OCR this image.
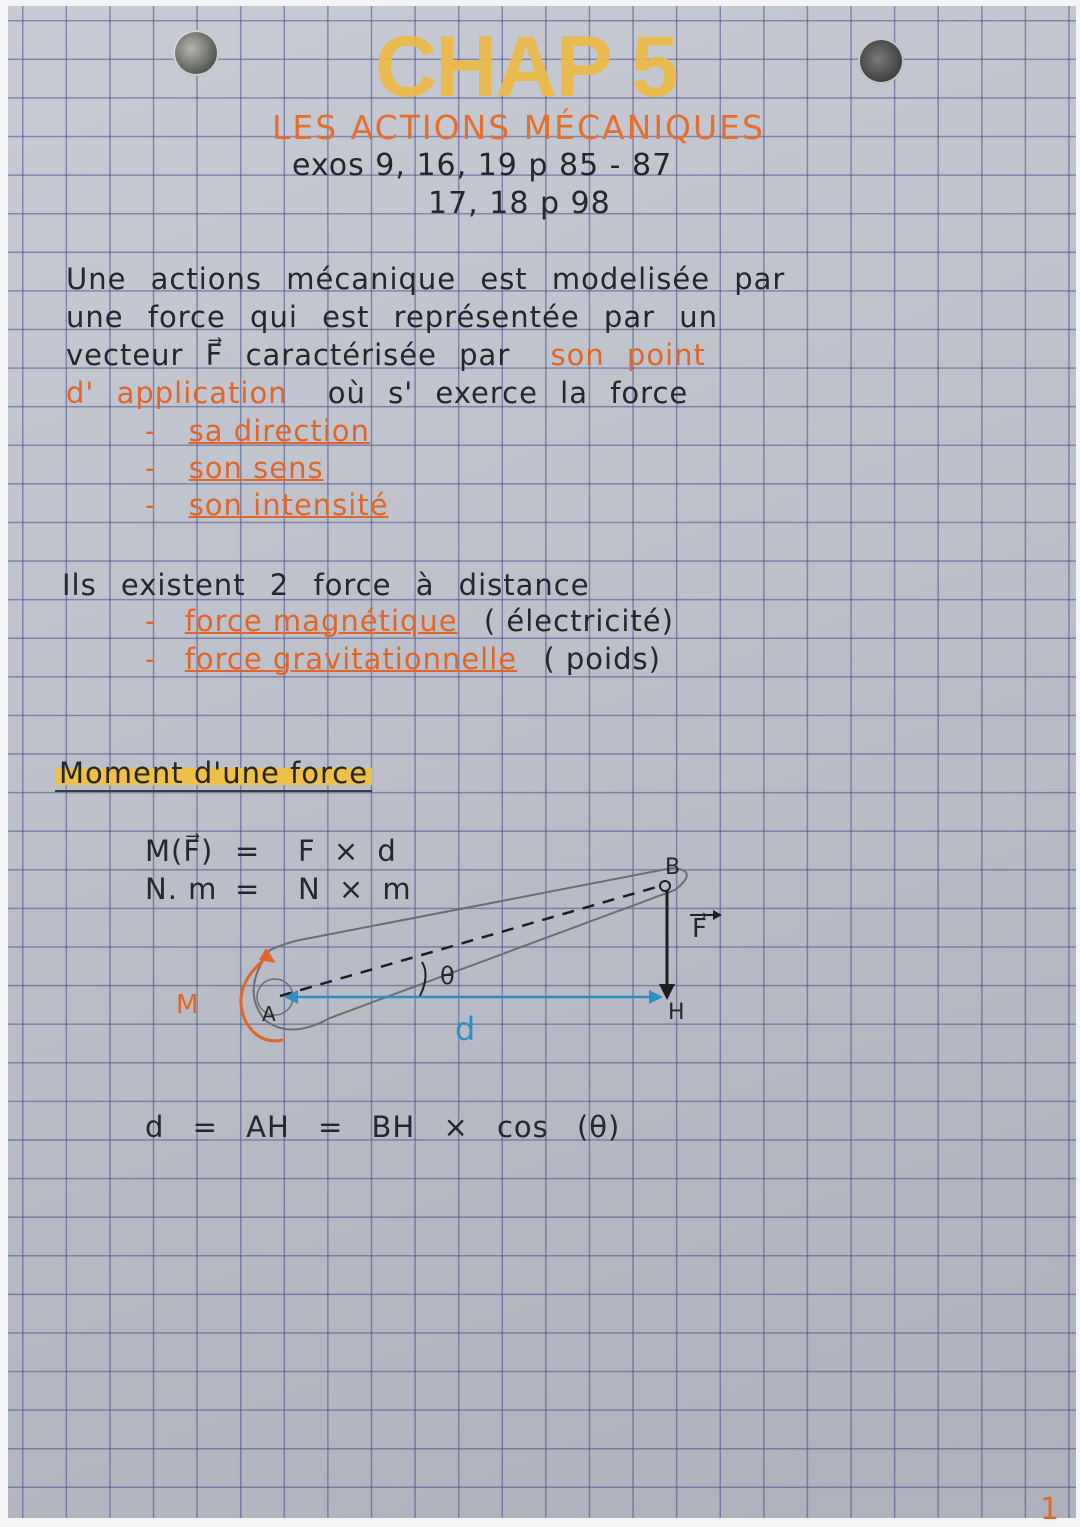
CHAP 5
LES ACTIONS MÉCANIQUES
exos 9, 16, 19 p 85 - 87
17, 18 p 98
Une actions mécanique est modelisée par
une force qui est représentée par un
vecteur F⃗ caractérisée par son point
d' application où s' exerce la force
- sa direction
- son sens
- son intensité
Ils existent 2 force à distance
- force magnétique ( électricité)
- force gravitationnelle ( poids)
Moment d'une force
M(F⃗) = F × d
N. m = N × m
B
A	H
F⃗
θ
d
M
d = AH = BH × cos (θ)
1
